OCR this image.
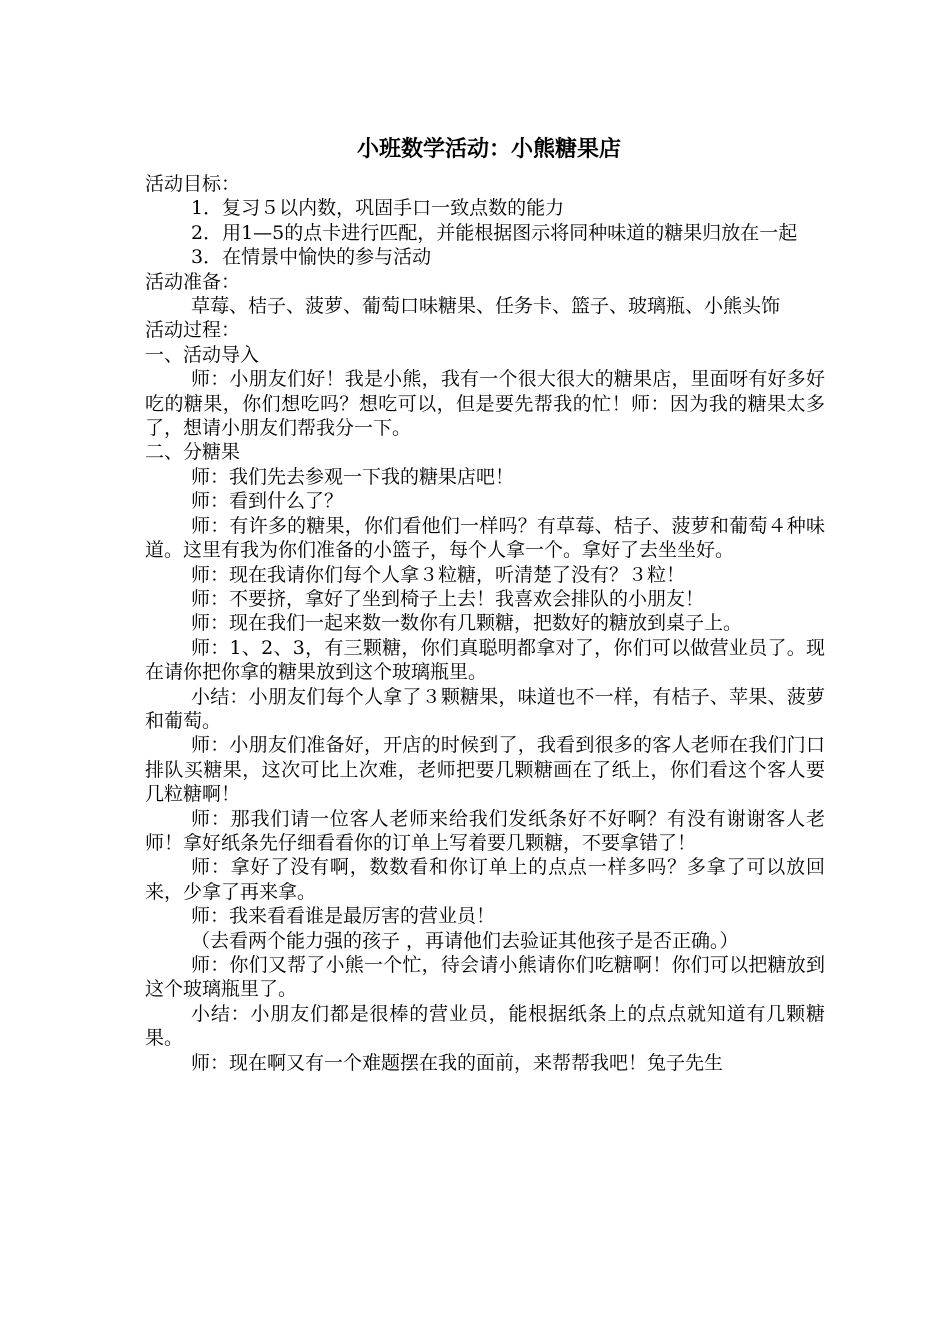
小班数学活动：小熊糖果店

活动目标：

1．复习５以内数，巩固手口一致点数的能力

2．用1—5的点卡进行匹配，并能根据图示将同种味道的糖果归放在一起

3．在情景中愉快的参与活动

活动准备：

草莓、桔子、菠萝、葡萄口味糖果、任务卡、篮子、玻璃瓶、小熊头饰

活动过程：

一、活动导入

师：小朋友们好！我是小熊，我有一个很大很大的糖果店，里面呀有好多好吃的糖果，你们想吃吗？想吃可以，但是要先帮我的忙！师：因为我的糖果太多了，想请小朋友们帮我分一下。

二、分糖果

师：我们先去参观一下我的糖果店吧！

师：看到什么了？

师：有许多的糖果，你们看他们一样吗？有草莓、桔子、菠萝和葡萄４种味道。这里有我为你们准备的小篮子，每个人拿一个。拿好了去坐坐好。

师：现在我请你们每个人拿３粒糖，听清楚了没有？３粒！

师：不要挤，拿好了坐到椅子上去！我喜欢会排队的小朋友！

师：现在我们一起来数一数你有几颗糖，把数好的糖放到桌子上。

师：1、2、3，有三颗糖，你们真聪明都拿对了，你们可以做营业员了。现在请你把你拿的糖果放到这个玻璃瓶里。

小结：小朋友们每个人拿了３颗糖果，味道也不一样，有桔子、苹果、菠萝和葡萄。

师：小朋友们准备好，开店的时候到了，我看到很多的客人老师在我们门口排队买糖果，这次可比上次难，老师把要几颗糖画在了纸上，你们看这个客人要几粒糖啊！

师：那我们请一位客人老师来给我们发纸条好不好啊？有没有谢谢客人老师！拿好纸条先仔细看看你的订单上写着要几颗糖，不要拿错了！

师：拿好了没有啊，数数看和你订单上的点点一样多吗？多拿了可以放回来，少拿了再来拿。

师：我来看看谁是最厉害的营业员！

（去看两个能力强的孩子 ，再请他们去验证其他孩子是否正确。）

师：你们又帮了小熊一个忙，待会请小熊请你们吃糖啊！你们可以把糖放到这个玻璃瓶里了。

小结：小朋友们都是很棒的营业员，能根据纸条上的点点就知道有几颗糖果。

师：现在啊又有一个难题摆在我的面前，来帮帮我吧！兔子先生
